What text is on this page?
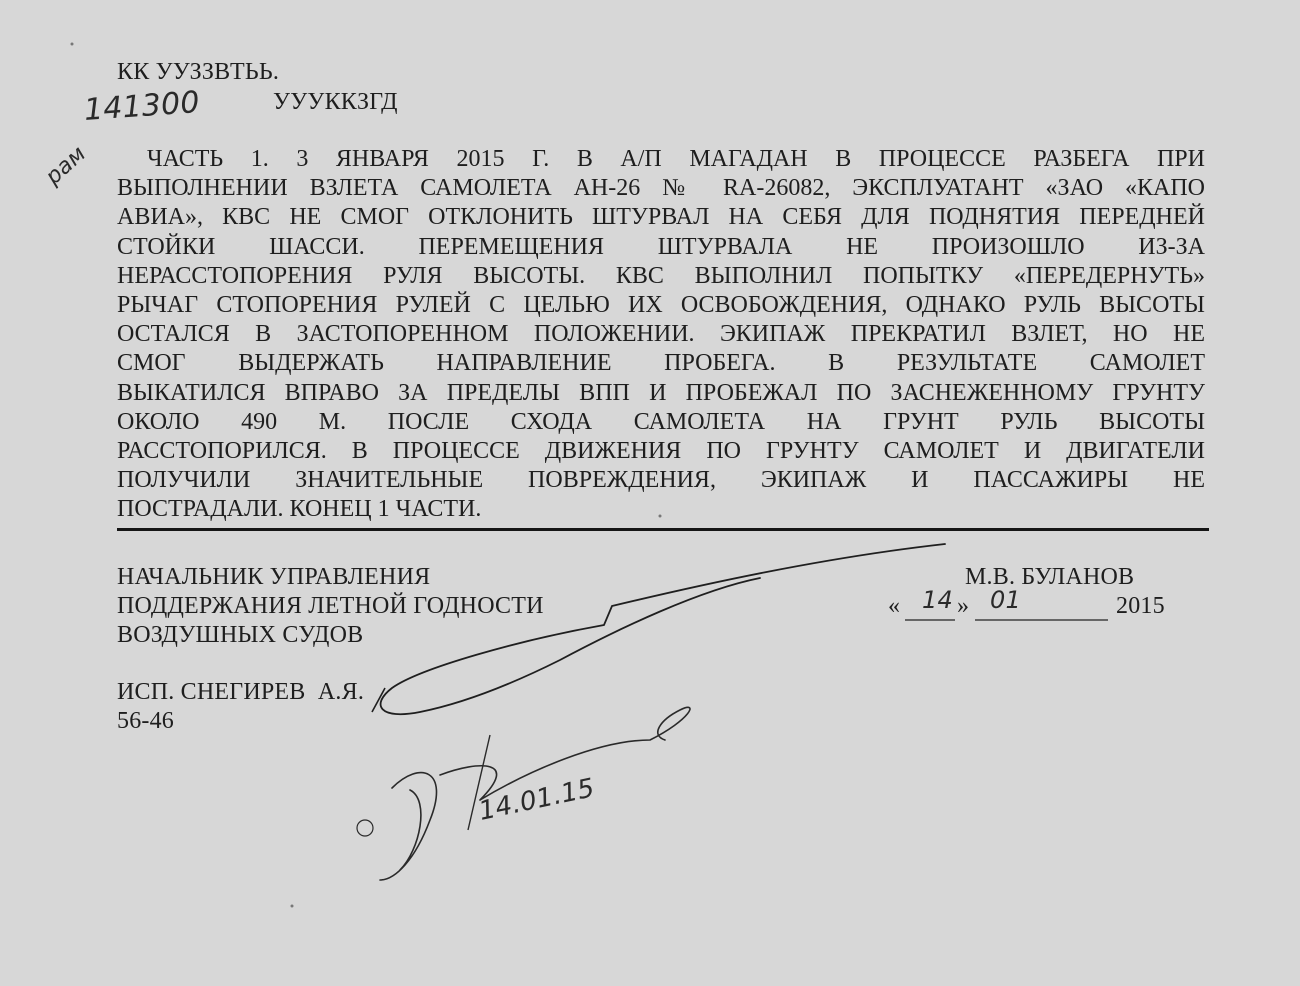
КК УУЗЗВТЬЬ.
141300	УУУККЗГД
рам	ЧАСТЬ 1. 3 ЯНВАРЯ 2015 Г. В А/П МАГАДАН В ПРОЦЕССЕ РАЗБЕГА ПРИ
ВЫПОЛНЕНИИ ВЗЛЕТА САМОЛЕТА АН-26 № RA-26082, ЭКСПЛУАТАНТ «ЗАО «КАПО
АВИА», КВС НЕ СМОГ ОТКЛОНИТЬ ШТУРВАЛ НА СЕБЯ ДЛЯ ПОДНЯТИЯ ПЕРЕДНЕЙ
СТОЙКИ ШАССИ. ПЕРЕМЕЩЕНИЯ ШТУРВАЛА НЕ ПРОИЗОШЛО ИЗ-ЗА
НЕРАССТОПОРЕНИЯ РУЛЯ ВЫСОТЫ. КВС ВЫПОЛНИЛ ПОПЫТКУ «ПЕРЕДЕРНУТЬ»
РЫЧАГ СТОПОРЕНИЯ РУЛЕЙ С ЦЕЛЬЮ ИХ ОСВОБОЖДЕНИЯ, ОДНАКО РУЛЬ ВЫСОТЫ
ОСТАЛСЯ В ЗАСТОПОРЕННОМ ПОЛОЖЕНИИ. ЭКИПАЖ ПРЕКРАТИЛ ВЗЛЕТ, НО НЕ
СМОГ ВЫДЕРЖАТЬ НАПРАВЛЕНИЕ ПРОБЕГА. В РЕЗУЛЬТАТЕ САМОЛЕТ
ВЫКАТИЛСЯ ВПРАВО ЗА ПРЕДЕЛЫ ВПП И ПРОБЕЖАЛ ПО ЗАСНЕЖЕННОМУ ГРУНТУ
ОКОЛО 490 М. ПОСЛЕ СХОДА САМОЛЕТА НА ГРУНТ РУЛЬ ВЫСОТЫ
РАССТОПОРИЛСЯ. В ПРОЦЕССЕ ДВИЖЕНИЯ ПО ГРУНТУ САМОЛЕТ И ДВИГАТЕЛИ
ПОЛУЧИЛИ ЗНАЧИТЕЛЬНЫЕ ПОВРЕЖДЕНИЯ, ЭКИПАЖ И ПАССАЖИРЫ НЕ
ПОСТРАДАЛИ. КОНЕЦ 1 ЧАСТИ.
НАЧАЛЬНИК УПРАВЛЕНИЯ
ПОДДЕРЖАНИЯ ЛЕТНОЙ ГОДНОСТИ
ВОЗДУШНЫХ СУДОВ
М.В. БУЛАНОВ
« 14 » 01	2015
ИСП. СНЕГИРЕВ  А.Я.
56-46
14.01.15
